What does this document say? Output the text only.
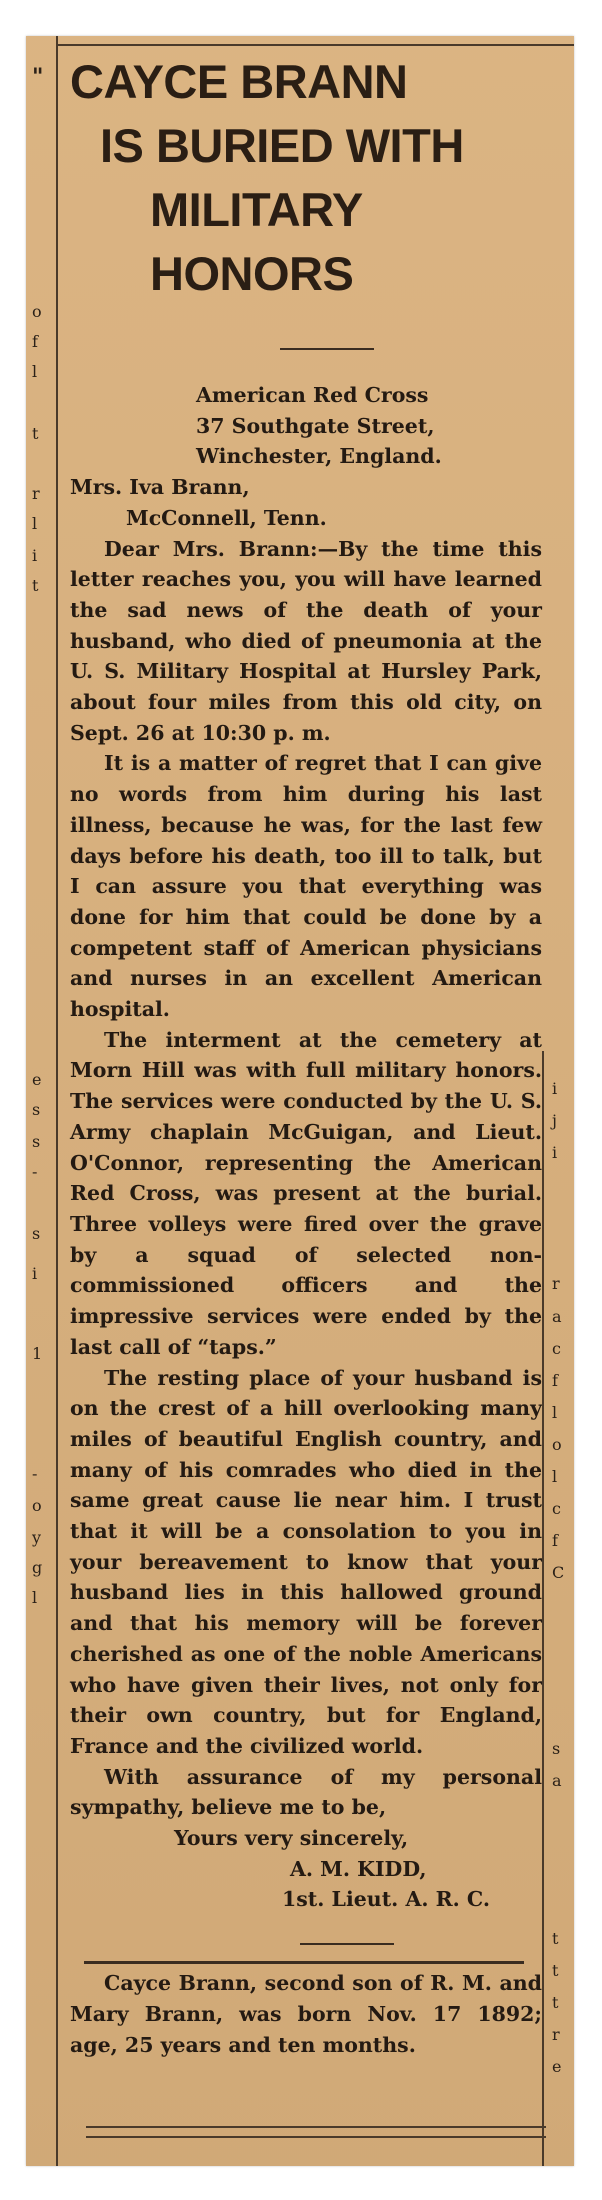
"
o
f
l
t
r
l
i
t
e
s
s
-
s
i
1
-
o
y
g
l
CAYCE BRANN
IS BURIED WITH
MILITARY HONORS
American Red Cross
37 Southgate Street,
Winchester, England.
Mrs. Iva Brann,
McConnell, Tenn.

Dear Mrs. Brann:—By the time this letter reaches you, you will have learned the sad news of the death of your husband, who died of pneumonia at the U. S. Military Hospital at Hursley Park, about four miles from this old city, on Sept. 26 at 10:30 p. m.

It is a matter of regret that I can give no words from him during his last illness, because he was, for the last few days before his death, too ill to talk, but I can assure you that everything was done for him that could be done by a competent staff of American physicians and nurses in an excellent American hospital.

The interment at the cemetery at Morn Hill was with full military honors. The services were conducted by the U. S. Army chaplain McGuigan, and Lieut. O'Connor, representing the American Red Cross, was present at the burial. Three volleys were fired over the grave by a squad of selected non-commissioned officers and the impressive services were ended by the last call of “taps.”

The resting place of your husband is on the crest of a hill overlooking many miles of beautiful English country, and many of his comrades who died in the same great cause lie near him. I trust that it will be a consolation to you in your bereavement to know that your husband lies in this hallowed ground and that his memory will be forever cherished as one of the noble Americans who have given their lives, not only for their own country, but for England, France and the civilized world.

With assurance of my personal sympathy, believe me to be,

Yours very sincerely,
A. M. KIDD,
1st. Lieut. A. R. C.

Cayce Brann, second son of R. M. and Mary Brann, was born Nov. 17 1892; age, 25 years and ten months.

i
j
i
r
a
c
f
l
o
l
c
f
C
s
a
t
t
t
r
e
